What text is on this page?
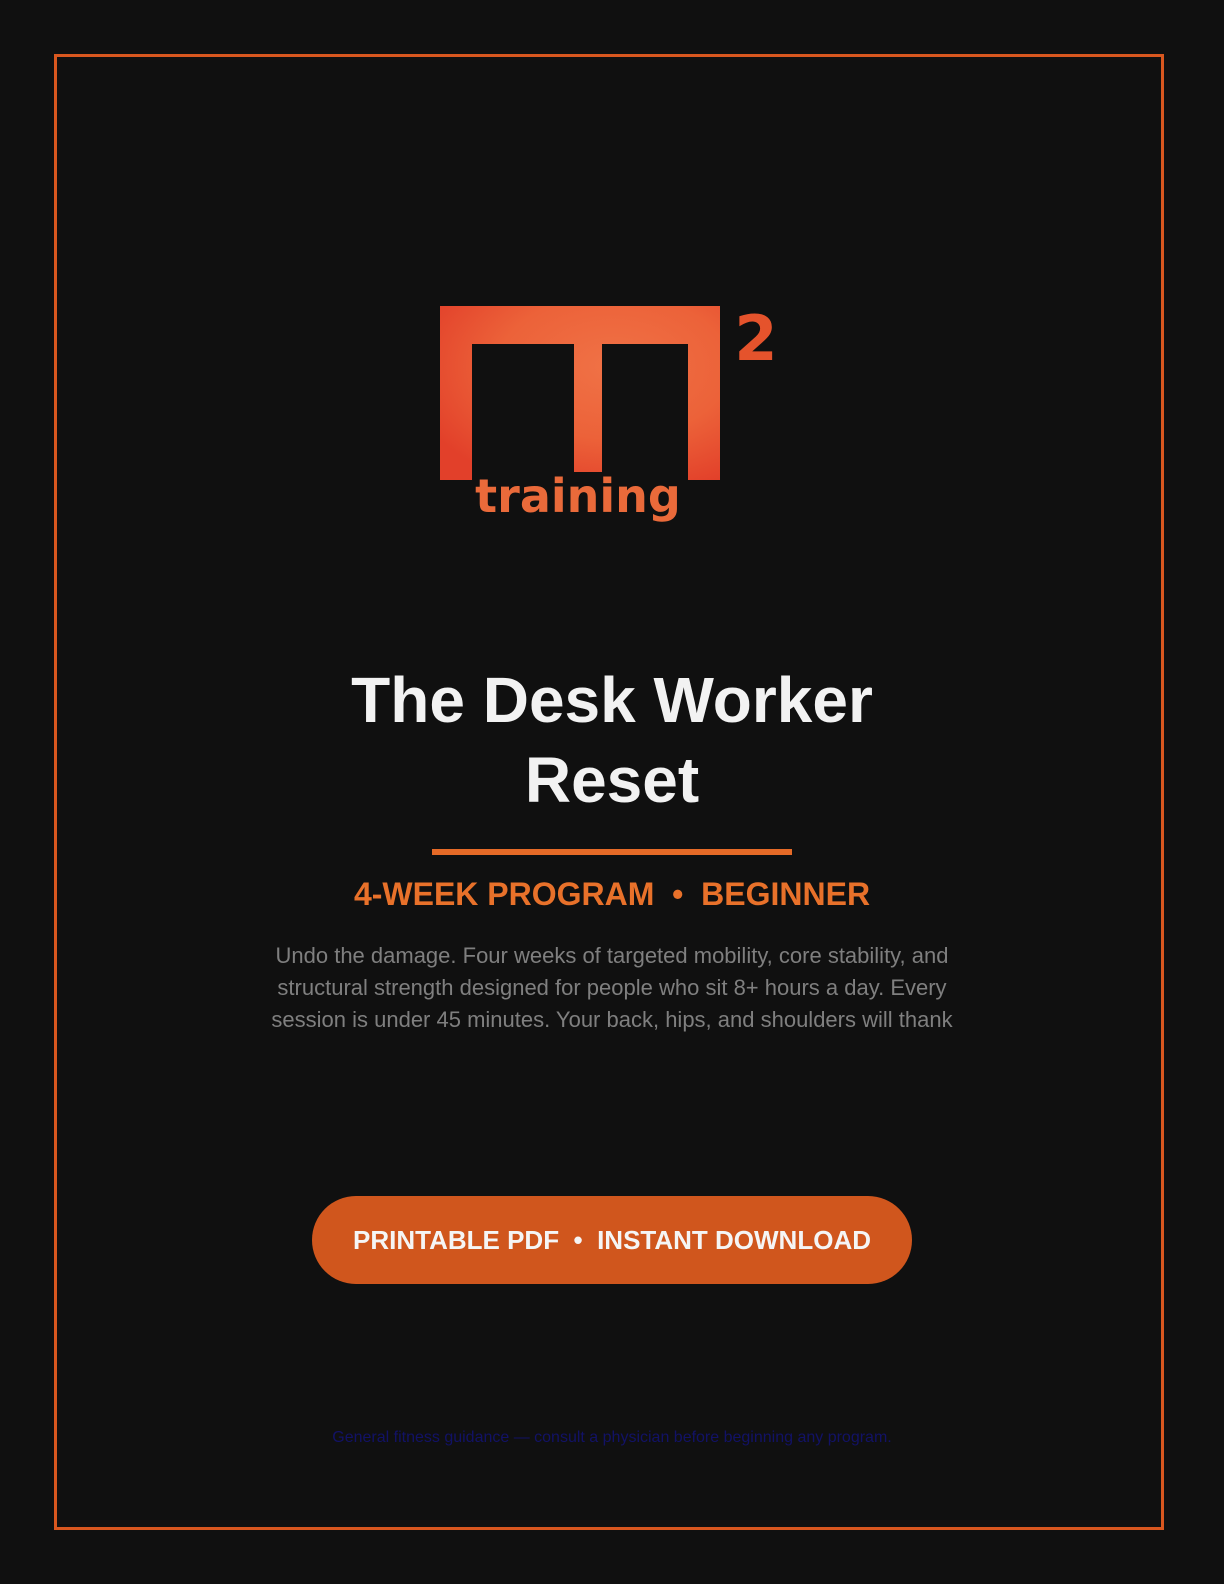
2
training
The Desk Worker
Reset
4-WEEK PROGRAM  •  BEGINNER

Undo the damage. Four weeks of targeted mobility, core stability, and structural strength designed for people who sit 8+ hours a day. Every session is under 45 minutes. Your back, hips, and shoulders will thank

PRINTABLE PDF  •  INSTANT DOWNLOAD
General fitness guidance — consult a physician before beginning any program.
